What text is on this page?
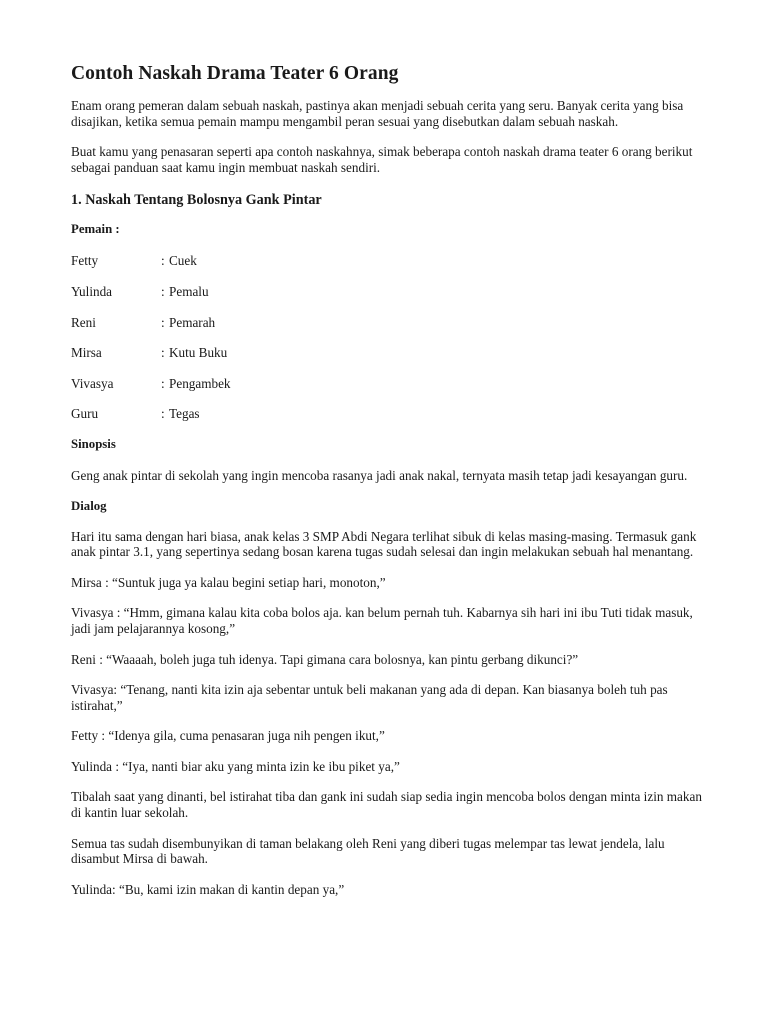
Contoh Naskah Drama Teater 6 Orang

Enam orang pemeran dalam sebuah naskah, pastinya akan menjadi sebuah cerita yang seru. Banyak cerita yang bisa disajikan, ketika semua pemain mampu mengambil peran sesuai yang disebutkan dalam sebuah naskah.

Buat kamu yang penasaran seperti apa contoh naskahnya, simak beberapa contoh naskah drama teater 6 orang berikut sebagai panduan saat kamu ingin membuat naskah sendiri.

1. Naskah Tentang Bolosnya Gank Pintar

Pemain :

Fetty	: Cuek
Yulinda	: Pemalu
Reni	: Pemarah
Mirsa	: Kutu Buku
Vivasya	: Pengambek
Guru	: Tegas

Sinopsis

Geng anak pintar di sekolah yang ingin mencoba rasanya jadi anak nakal, ternyata masih tetap jadi kesayangan guru.

Dialog

Hari itu sama dengan hari biasa, anak kelas 3 SMP Abdi Negara terlihat sibuk di kelas masing-masing. Termasuk gank anak pintar 3.1, yang sepertinya sedang bosan karena tugas sudah selesai dan ingin melakukan sebuah hal menantang.

Mirsa : “Suntuk juga ya kalau begini setiap hari, monoton,”

Vivasya : “Hmm, gimana kalau kita coba bolos aja. kan belum pernah tuh. Kabarnya sih hari ini ibu Tuti tidak masuk, jadi jam pelajarannya kosong,”

Reni : “Waaaah, boleh juga tuh idenya. Tapi gimana cara bolosnya, kan pintu gerbang dikunci?”

Vivasya: “Tenang, nanti kita izin aja sebentar untuk beli makanan yang ada di depan. Kan biasanya boleh tuh pas istirahat,”

Fetty : “Idenya gila, cuma penasaran juga nih pengen ikut,”

Yulinda : “Iya, nanti biar aku yang minta izin ke ibu piket ya,”

Tibalah saat yang dinanti, bel istirahat tiba dan gank ini sudah siap sedia ingin mencoba bolos dengan minta izin makan di kantin luar sekolah.

Semua tas sudah disembunyikan di taman belakang oleh Reni yang diberi tugas melempar tas lewat jendela, lalu disambut Mirsa di bawah.

Yulinda: “Bu, kami izin makan di kantin depan ya,”
